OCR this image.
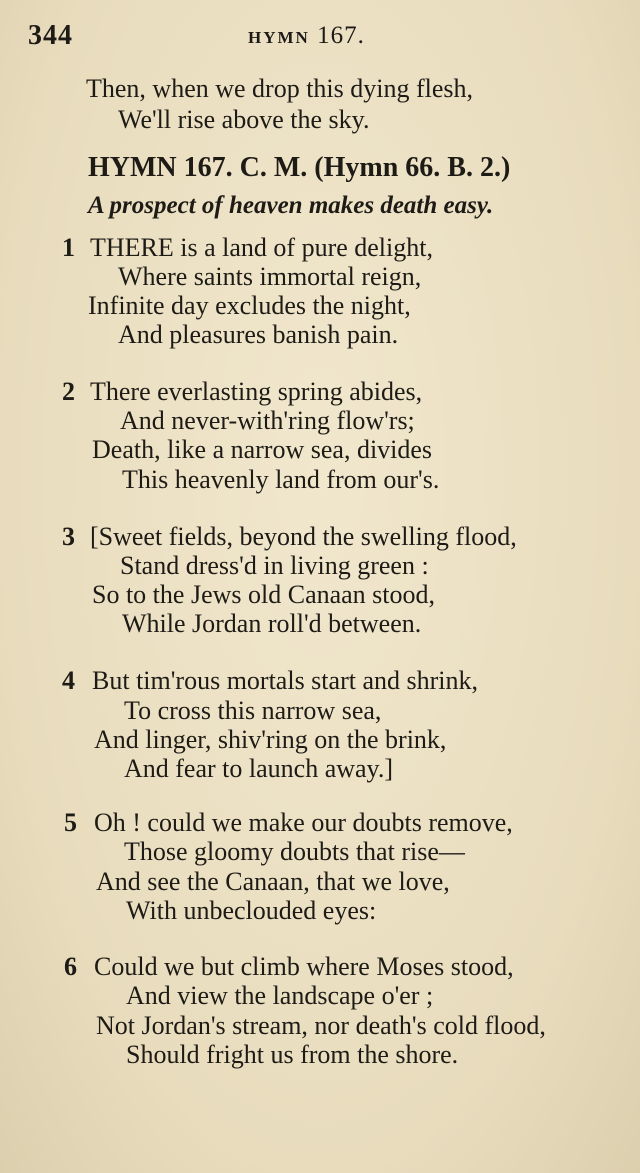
344	HYMN 167.
Then, when we drop this dying flesh,
We'll rise above the sky.
HYMN 167. C. M. (Hymn 66. B. 2.)
A prospect of heaven makes death easy.
1 THERE is a land of pure delight,
Where saints immortal reign,
Infinite day excludes the night,
And pleasures banish pain.
2 There everlasting spring abides,
And never-with'ring flow'rs;
Death, like a narrow sea, divides
This heavenly land from our's.
3 [Sweet fields, beyond the swelling flood,
Stand dress'd in living green :
So to the Jews old Canaan stood,
While Jordan roll'd between.
4 But tim'rous mortals start and shrink,
To cross this narrow sea,
And linger, shiv'ring on the brink,
And fear to launch away.]
5 Oh ! could we make our doubts remove,
Those gloomy doubts that rise—
And see the Canaan, that we love,
With unbeclouded eyes:
6 Could we but climb where Moses stood,
And view the landscape o'er ;
Not Jordan's stream, nor death's cold flood,
Should fright us from the shore.
